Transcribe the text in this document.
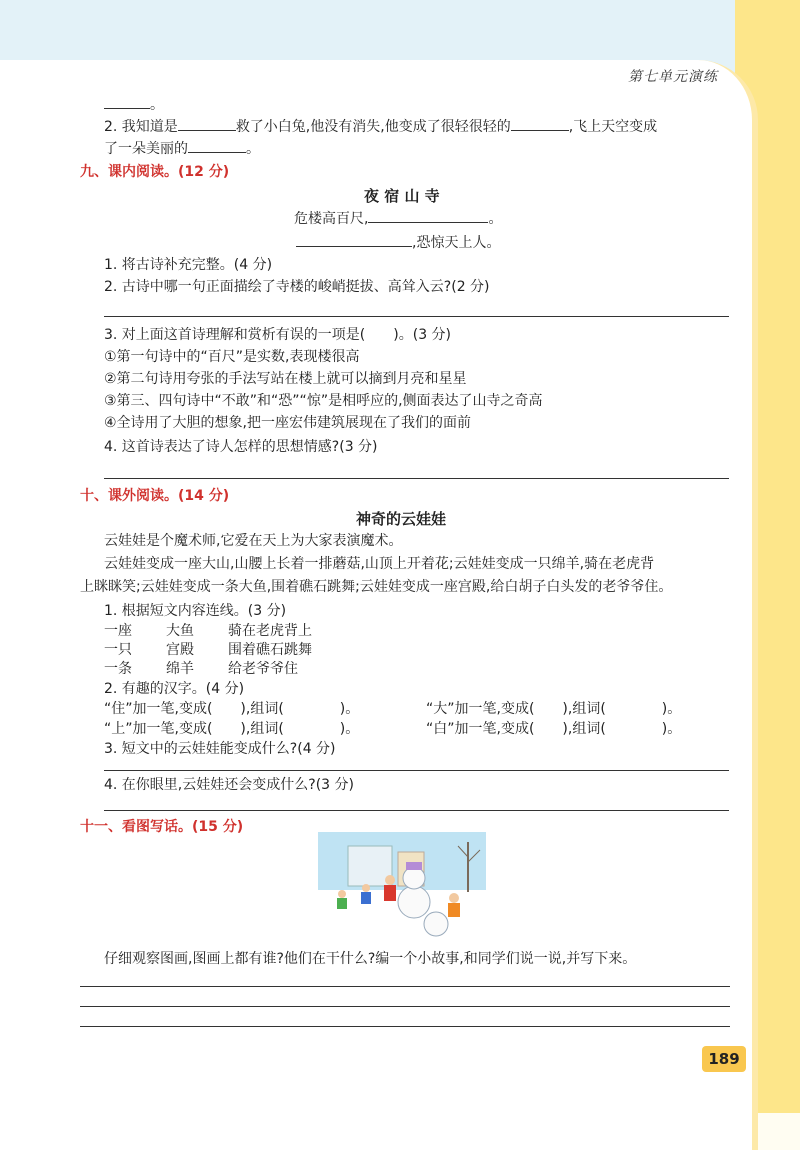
第七单元演练
。
2. 我知道是	救了小白兔,他没有消失,他变成了很轻很轻的	,飞上天空变成
了一朵美丽的	。
九、课内阅读。(12 分)
夜 宿 山 寺
危楼高百尺,	。
,恐惊天上人。
1. 将古诗补充完整。(4 分)
2. 古诗中哪一句正面描绘了寺楼的峻峭挺拔、高耸入云?(2 分)
3. 对上面这首诗理解和赏析有误的一项是(　　)。(3 分)
①第一句诗中的“百尺”是实数,表现楼很高
②第二句诗用夸张的手法写站在楼上就可以摘到月亮和星星
③第三、四句诗中“不敢”和“恐”“惊”是相呼应的,侧面表达了山寺之奇高
④全诗用了大胆的想象,把一座宏伟建筑展现在了我们的面前
4. 这首诗表达了诗人怎样的思想情感?(3 分)
十、课外阅读。(14 分)
神奇的云娃娃
云娃娃是个魔术师,它爱在天上为大家表演魔术。
云娃娃变成一座大山,山腰上长着一排蘑菇,山顶上开着花;云娃娃变成一只绵羊,骑在老虎背
上眯眯笑;云娃娃变成一条大鱼,围着礁石跳舞;云娃娃变成一座宫殿,给白胡子白头发的老爷爷住。
1. 根据短文内容连线。(3 分)
一座 大鱼 骑在老虎背上
一只 宫殿 围着礁石跳舞
一条 绵羊 给老爷爷住
2. 有趣的汉字。(4 分)
“住”加一笔,变成(　　),组词(　　　　)。	“大”加一笔,变成(　　),组词(　　　　)。
“上”加一笔,变成(　　),组词(　　　　)。	“白”加一笔,变成(　　),组词(　　　　)。
3. 短文中的云娃娃能变成什么?(4 分)
4. 在你眼里,云娃娃还会变成什么?(3 分)
十一、看图写话。(15 分)
仔细观察图画,图画上都有谁?他们在干什么?编一个小故事,和同学们说一说,并写下来。
189
